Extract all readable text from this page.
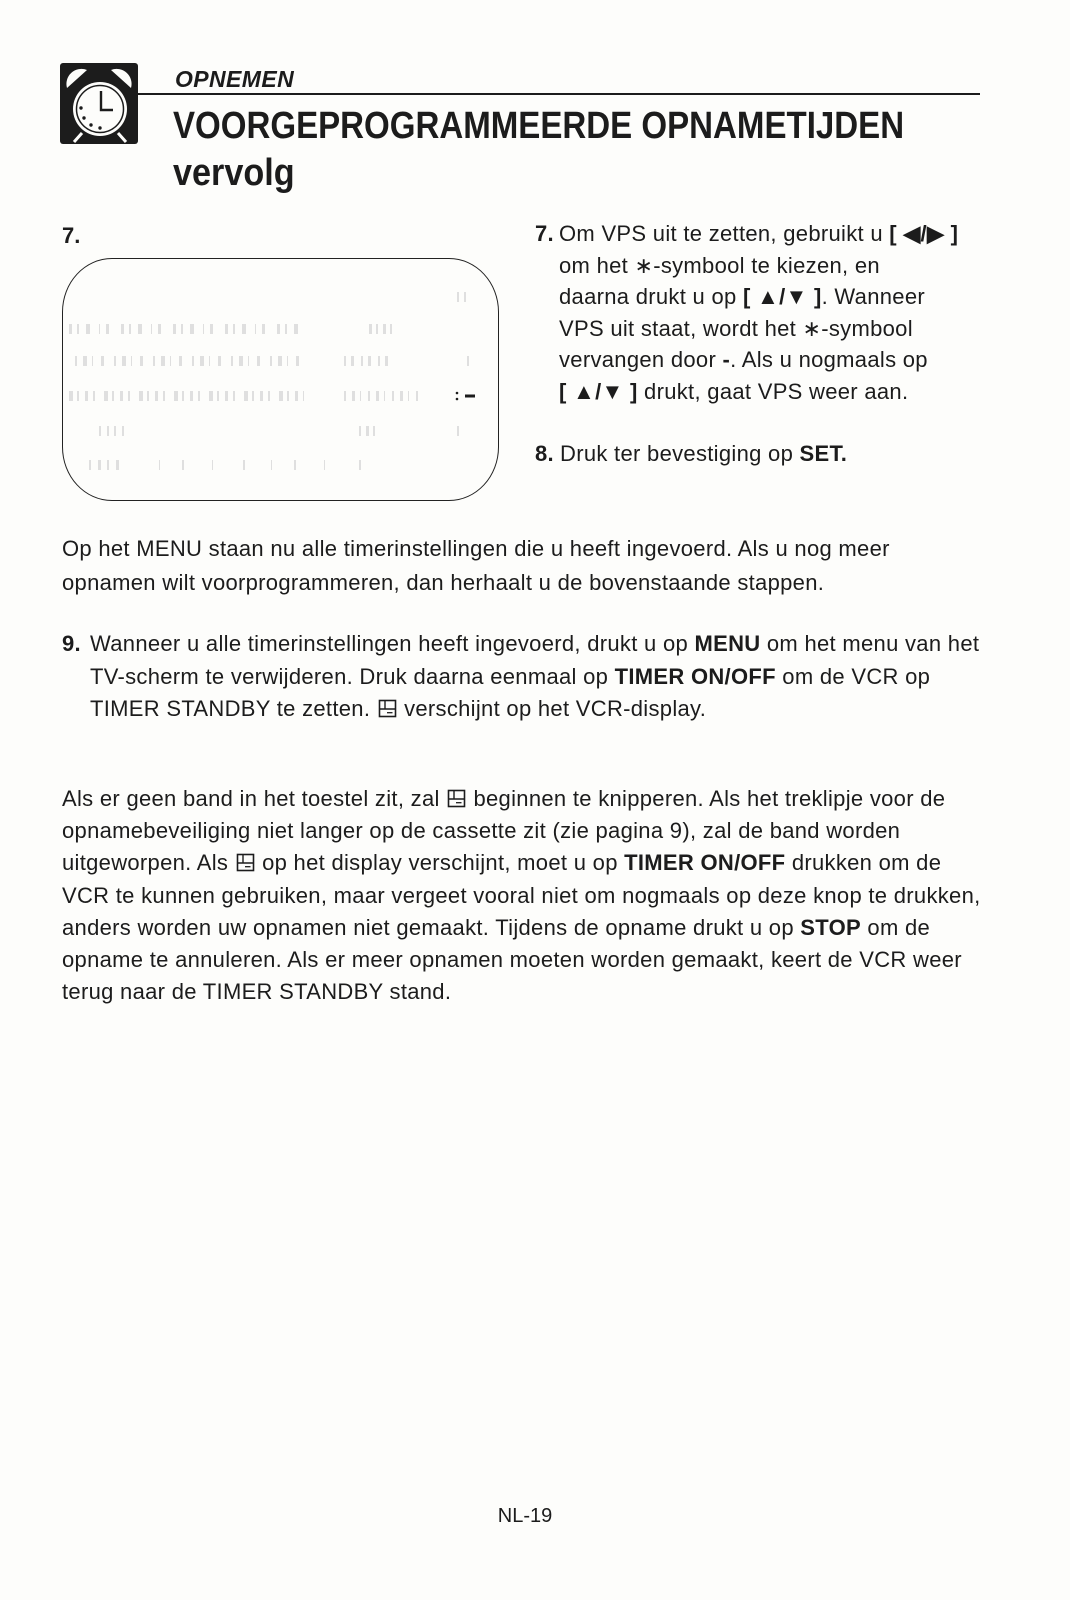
OPNEMEN
VOORGEPROGRAMMEERDE OPNAMETIJDEN
vervolg
7.	7. Om VPS uit te zetten, gebruikt u [ ◀/▶ ]
om het ∗-symbool te kiezen, en
daarna drukt u op [ ▲/▼ ]. Wanneer
VPS uit staat, wordt het ∗-symbool
vervangen door -. Als u nogmaals op
[ ▲/▼ ] drukt, gaat VPS weer aan.
8. Druk ter bevestiging op SET.
Op het MENU staan nu alle timerinstellingen die u heeft ingevoerd. Als u nog meer
opnamen wilt voorprogrammeren, dan herhaalt u de bovenstaande stappen.
9. Wanneer u alle timerinstellingen heeft ingevoerd, drukt u op MENU om het menu van het
TV-scherm te verwijderen. Druk daarna eenmaal op TIMER ON/OFF om de VCR op
TIMER STANDBY te zetten.  verschijnt op het VCR-display.
Als er geen band in het toestel zit, zal  beginnen te knipperen. Als het treklipje voor de
opnamebeveiliging niet langer op de cassette zit (zie pagina 9), zal de band worden
uitgeworpen. Als  op het display verschijnt, moet u op TIMER ON/OFF drukken om de
VCR te kunnen gebruiken, maar vergeet vooral niet om nogmaals op deze knop te drukken,
anders worden uw opnamen niet gemaakt. Tijdens de opname drukt u op STOP om de
opname te annuleren. Als er meer opnamen moeten worden gemaakt, keert de VCR weer
terug naar de TIMER STANDBY stand.
NL-19
